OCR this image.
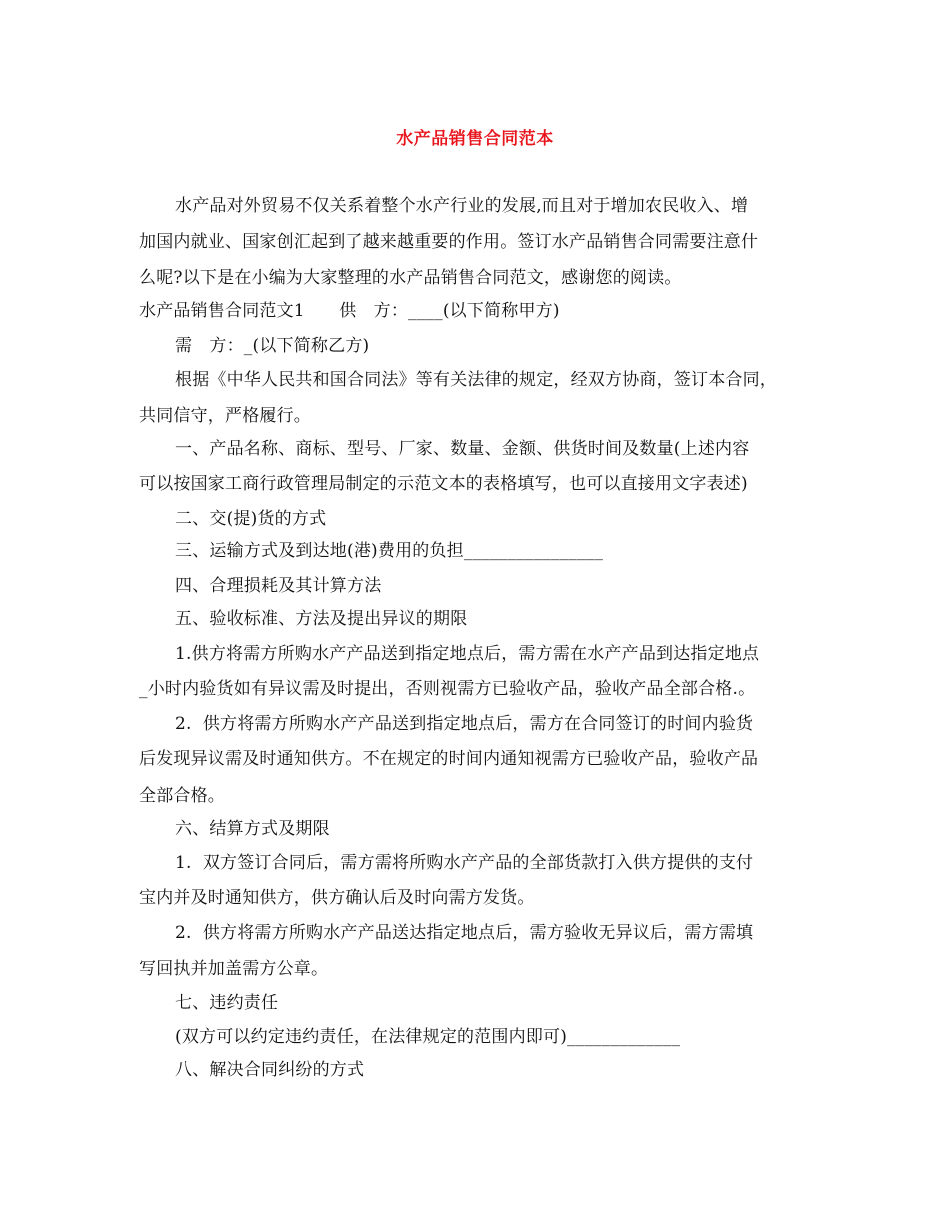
水产品销售合同范本
水产品对外贸易不仅关系着整个水产行业的发展,而且对于增加农民收入、增
加国内就业、国家创汇起到了越来越重要的作用。签订水产品销售合同需要注意什
么呢?以下是在小编为大家整理的水产品销售合同范文，感谢您的阅读。
水产品销售合同范文1　　供　方：____(以下简称甲方)
需　方：_(以下简称乙方)
根据《中华人民共和国合同法》等有关法律的规定，经双方协商，签订本合同，
共同信守，严格履行。
一、产品名称、商标、型号、厂家、数量、金额、供货时间及数量(上述内容
可以按国家工商行政管理局制定的示范文本的表格填写，也可以直接用文字表述)
二、交(提)货的方式
三、运输方式及到达地(港)费用的负担________________
四、合理损耗及其计算方法
五、验收标准、方法及提出异议的期限
1.供方将需方所购水产产品送到指定地点后，需方需在水产产品到达指定地点
_小时内验货如有异议需及时提出，否则视需方已验收产品，验收产品全部合格.。
2.  供方将需方所购水产产品送到指定地点后，需方在合同签订的时间内验货
后发现异议需及时通知供方。不在规定的时间内通知视需方已验收产品，验收产品
全部合格。
六、结算方式及期限
1.  双方签订合同后，需方需将所购水产产品的全部货款打入供方提供的支付
宝内并及时通知供方，供方确认后及时向需方发货。
2.  供方将需方所购水产产品送达指定地点后，需方验收无异议后，需方需填
写回执并加盖需方公章。
七、违约责任
(双方可以约定违约责任，在法律规定的范围内即可)_____________
八、解决合同纠纷的方式
